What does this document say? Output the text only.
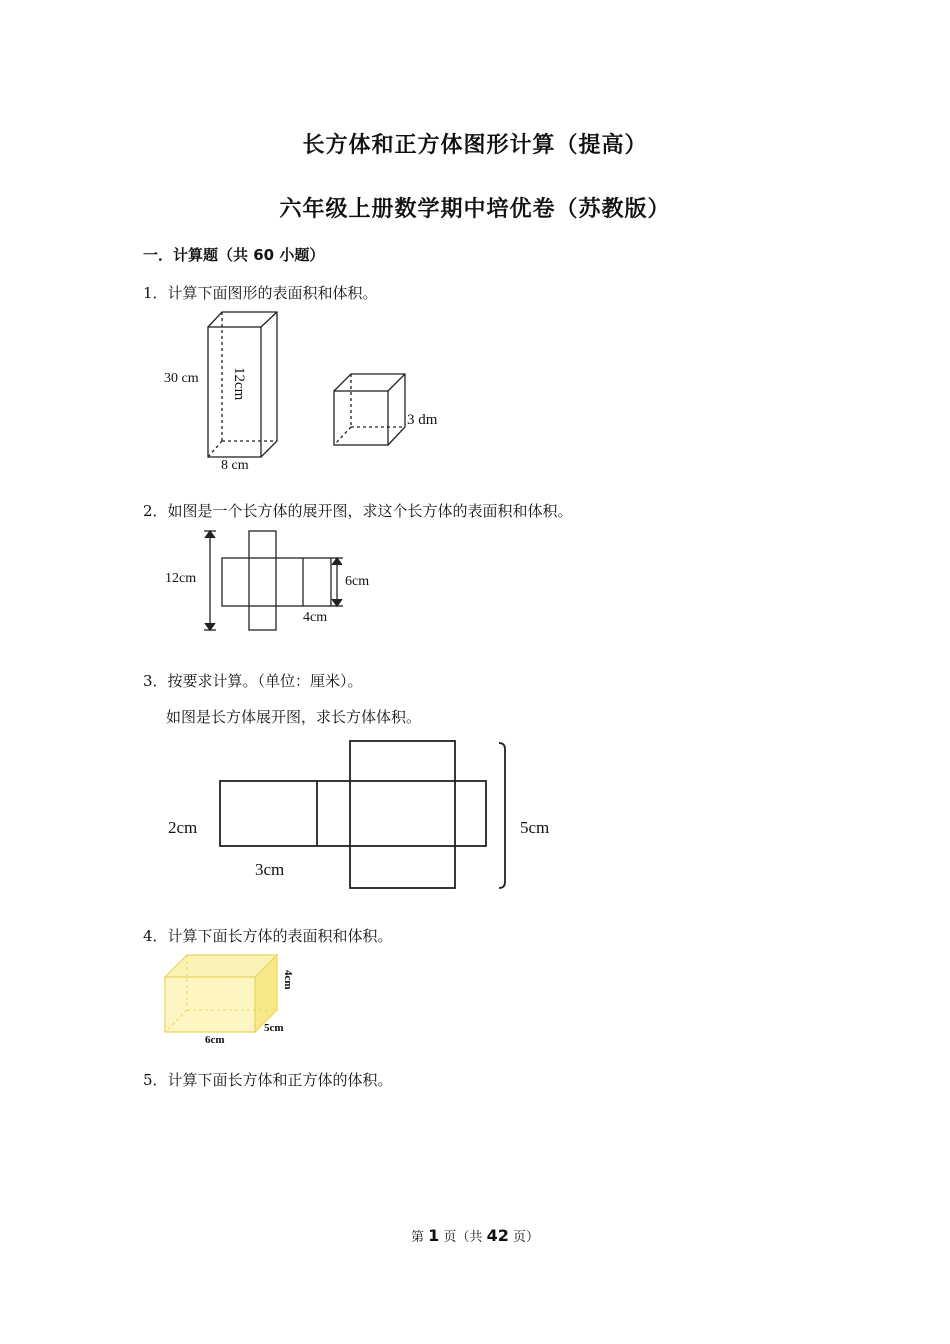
长方体和正方体图形计算（提高）
六年级上册数学期中培优卷（苏教版）
一．计算题（共 60 小题）
1．计算下面图形的表面积和体积。
30 cm 12cm
8 cm
3 dm
2．如图是一个长方体的展开图，求这个长方体的表面积和体积。
12cm	6cm
4cm
3．按要求计算。（单位：厘米）。
如图是长方体展开图，求长方体体积。
2cm
3cm
5cm
4．计算下面长方体的表面积和体积。
6cm
5cm
4cm
5．计算下面长方体和正方体的体积。
第 1 页（共 42 页）
